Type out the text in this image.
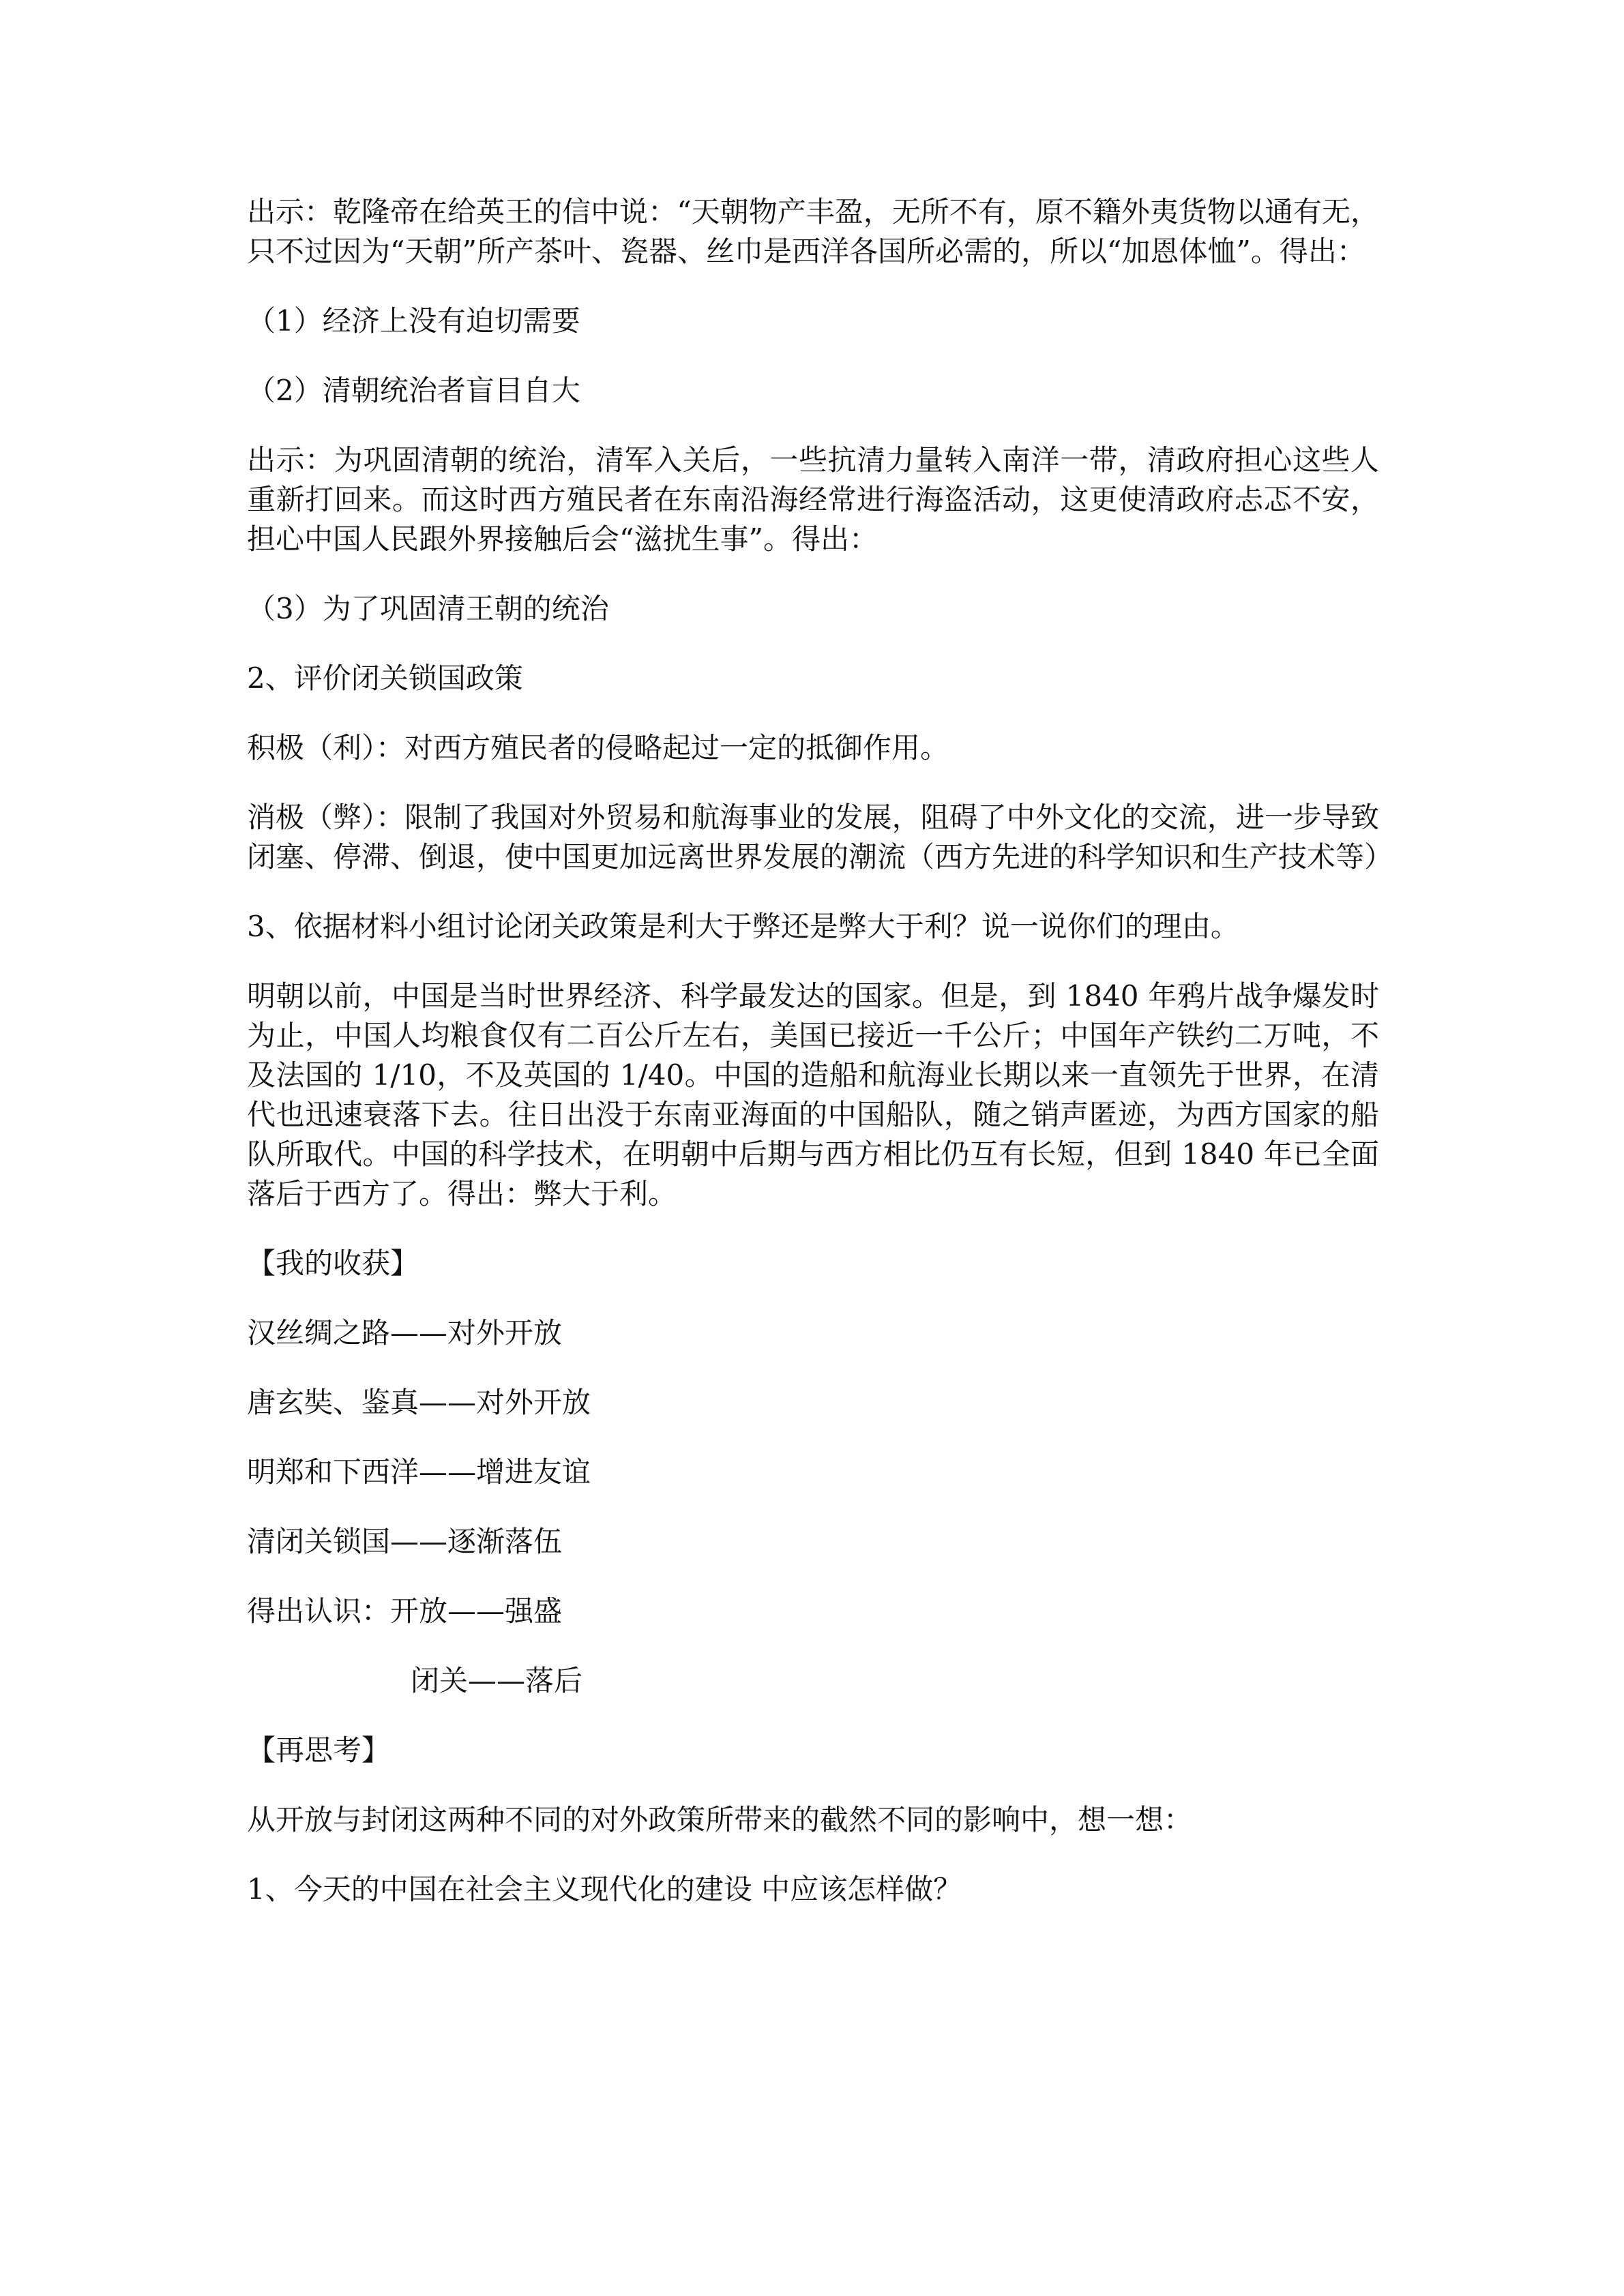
出示：乾隆帝在给英王的信中说：“天朝物产丰盈，无所不有，原不籍外夷货物以通有无，只不过因为“天朝”所产茶叶、瓷器、丝巾是西洋各国所必需的，所以“加恩体恤”。得出：

（1）经济上没有迫切需要

（2）清朝统治者盲目自大

出示：为巩固清朝的统治，清军入关后，一些抗清力量转入南洋一带，清政府担心这些人重新打回来。而这时西方殖民者在东南沿海经常进行海盗活动，这更使清政府忐忑不安，担心中国人民跟外界接触后会“滋扰生事”。得出：

（3）为了巩固清王朝的统治

2、评价闭关锁国政策

积极（利）：对西方殖民者的侵略起过一定的抵御作用。

消极（弊）：限制了我国对外贸易和航海事业的发展，阻碍了中外文化的交流，进一步导致闭塞、停滞、倒退，使中国更加远离世界发展的潮流（西方先进的科学知识和生产技术等）

3、依据材料小组讨论闭关政策是利大于弊还是弊大于利？说一说你们的理由。

明朝以前，中国是当时世界经济、科学最发达的国家。但是，到 1840 年鸦片战争爆发时为止，中国人均粮食仅有二百公斤左右，美国已接近一千公斤；中国年产铁约二万吨，不及法国的 1/10，不及英国的 1/40。中国的造船和航海业长期以来一直领先于世界，在清代也迅速衰落下去。往日出没于东南亚海面的中国船队，随之销声匿迹，为西方国家的船队所取代。中国的科学技术，在明朝中后期与西方相比仍互有长短，但到 1840 年已全面落后于西方了。得出：弊大于利。

【我的收获】

汉丝绸之路——对外开放

唐玄奘、鉴真——对外开放

明郑和下西洋——增进友谊

清闭关锁国——逐渐落伍

得出认识：开放——强盛

闭关——落后

【再思考】

从开放与封闭这两种不同的对外政策所带来的截然不同的影响中，想一想：

1、今天的中国在社会主义现代化的建设 中应该怎样做？
